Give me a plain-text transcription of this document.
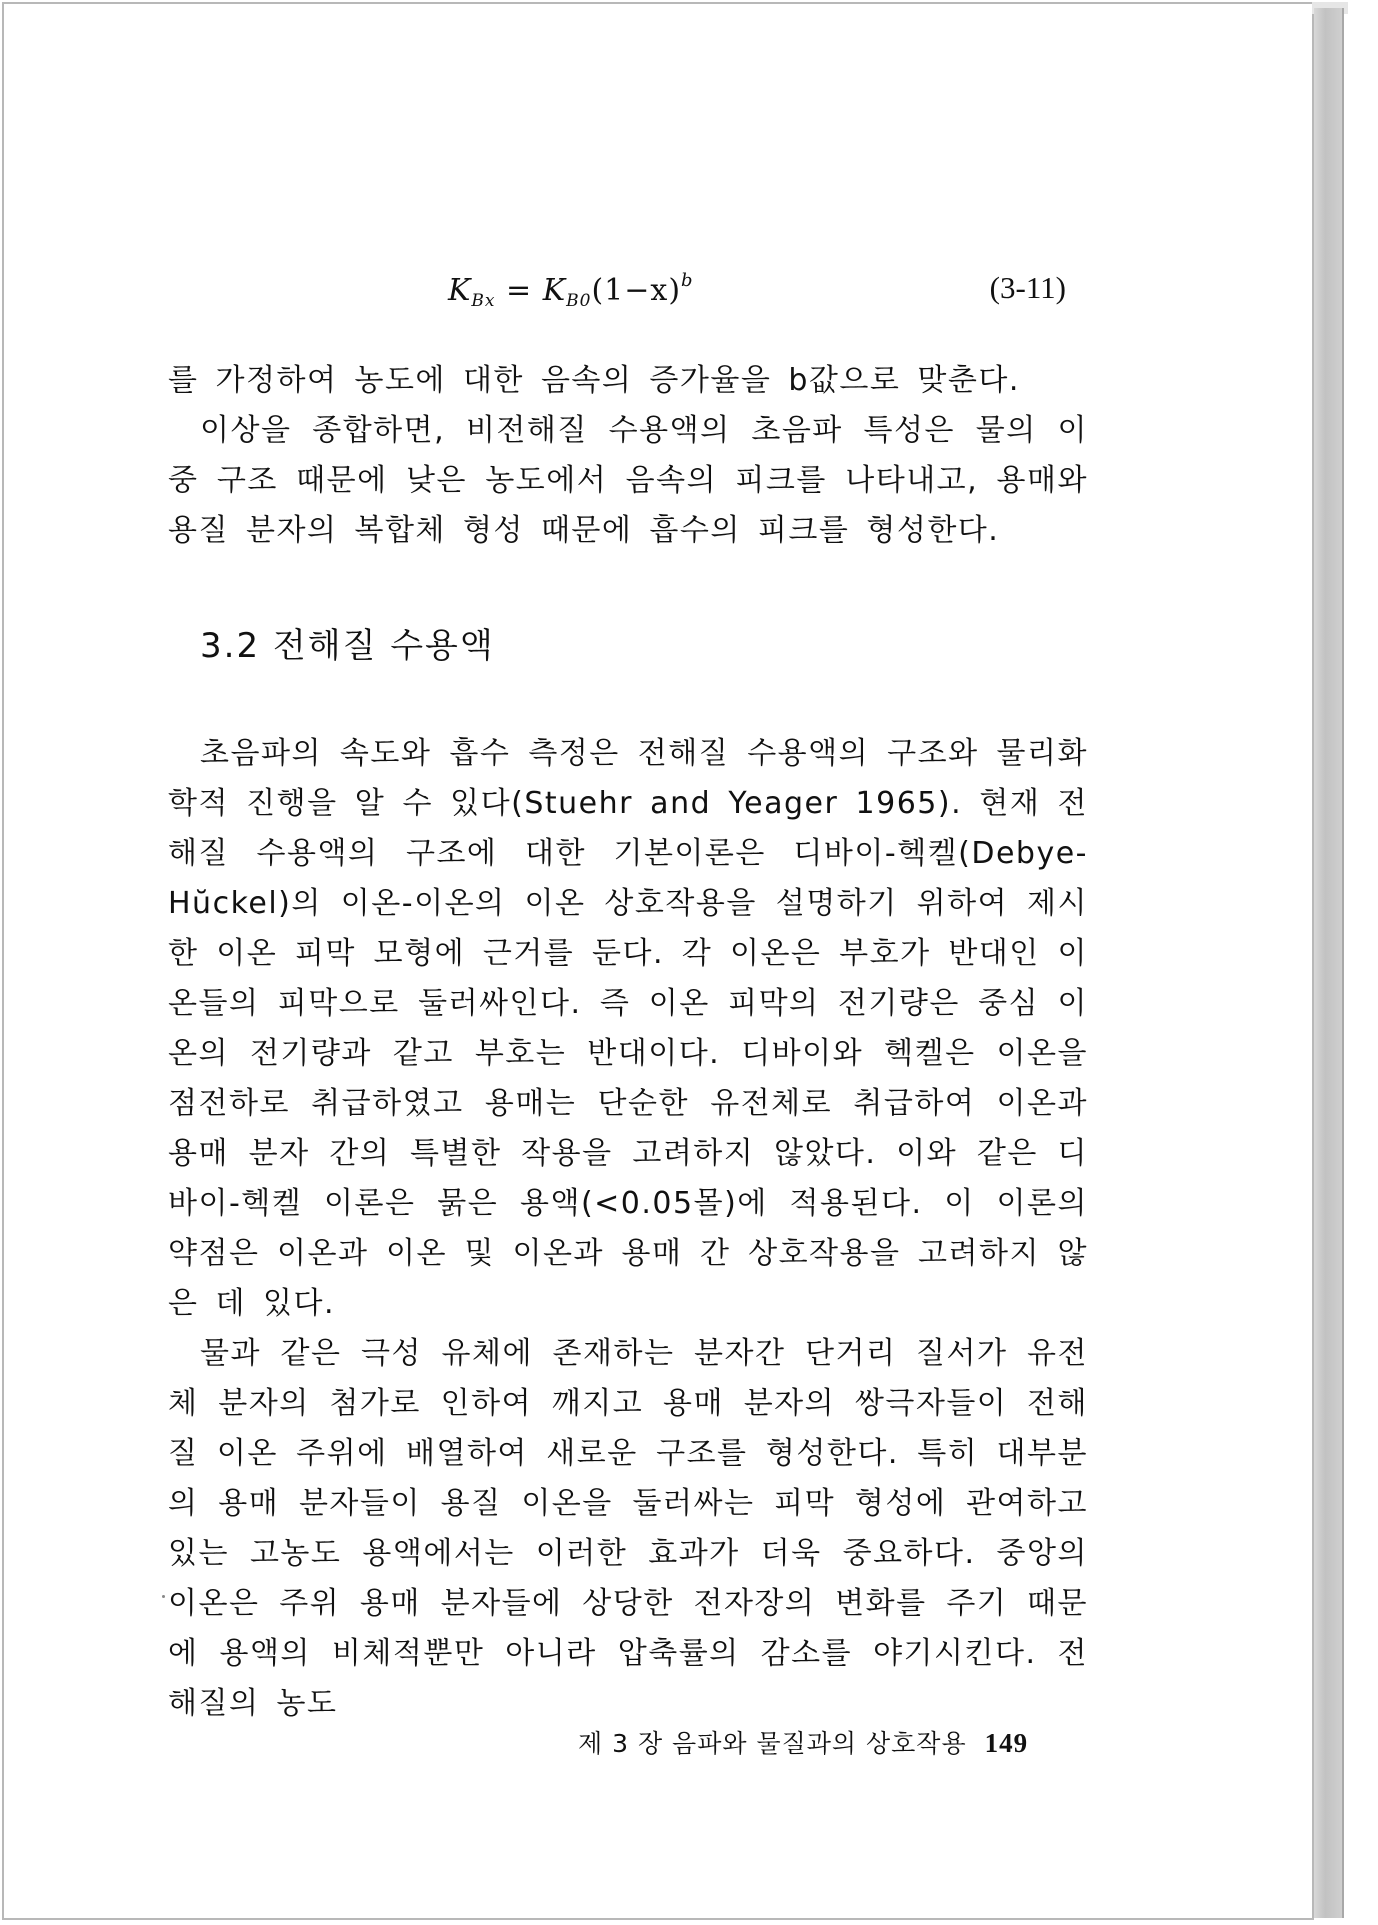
$K_{Bx} = K_{B0}(1-x)^b$	(3-11)

를 가정하여 농도에 대한 음속의 증가율을 b값으로 맞춘다.

이상을 종합하면, 비전해질 수용액의 초음파 특성은 물의 이중 구조 때문에 낮은 농도에서 음속의 피크를 나타내고, 용매와 용질 분자의 복합체 형성 때문에 흡수의 피크를 형성한다.

3.2 전해질 수용액

초음파의 속도와 흡수 측정은 전해질 수용액의 구조와 물리화학적 진행을 알 수 있다(Stuehr and Yeager 1965). 현재 전해질 수용액의 구조에 대한 기본이론은 디바이-헥켈(Debye-Hŭckel)의 이온-이온의 이온 상호작용을 설명하기 위하여 제시한 이온 피막 모형에 근거를 둔다. 각 이온은 부호가 반대인 이온들의 피막으로 둘러싸인다. 즉 이온 피막의 전기량은 중심 이온의 전기량과 같고 부호는 반대이다. 디바이와 헥켈은 이온을 점전하로 취급하였고 용매는 단순한 유전체로 취급하여 이온과 용매 분자 간의 특별한 작용을 고려하지 않았다. 이와 같은 디바이-헥켈 이론은 묽은 용액(<0.05몰)에 적용된다. 이 이론의 약점은 이온과 이온 및 이온과 용매 간 상호작용을 고려하지 않은 데 있다.

물과 같은 극성 유체에 존재하는 분자간 단거리 질서가 유전체 분자의 첨가로 인하여 깨지고 용매 분자의 쌍극자들이 전해질 이온 주위에 배열하여 새로운 구조를 형성한다. 특히 대부분의 용매 분자들이 용질 이온을 둘러싸는 피막 형성에 관여하고 있는 고농도 용액에서는 이러한 효과가 더욱 중요하다. 중앙의 이온은 주위 용매 분자들에 상당한 전자장의 변화를 주기 때문에 용액의 비체적뿐만 아니라 압축률의 감소를 야기시킨다. 전해질의 농도

제 3 장 음파와 물질과의 상호작용 149
